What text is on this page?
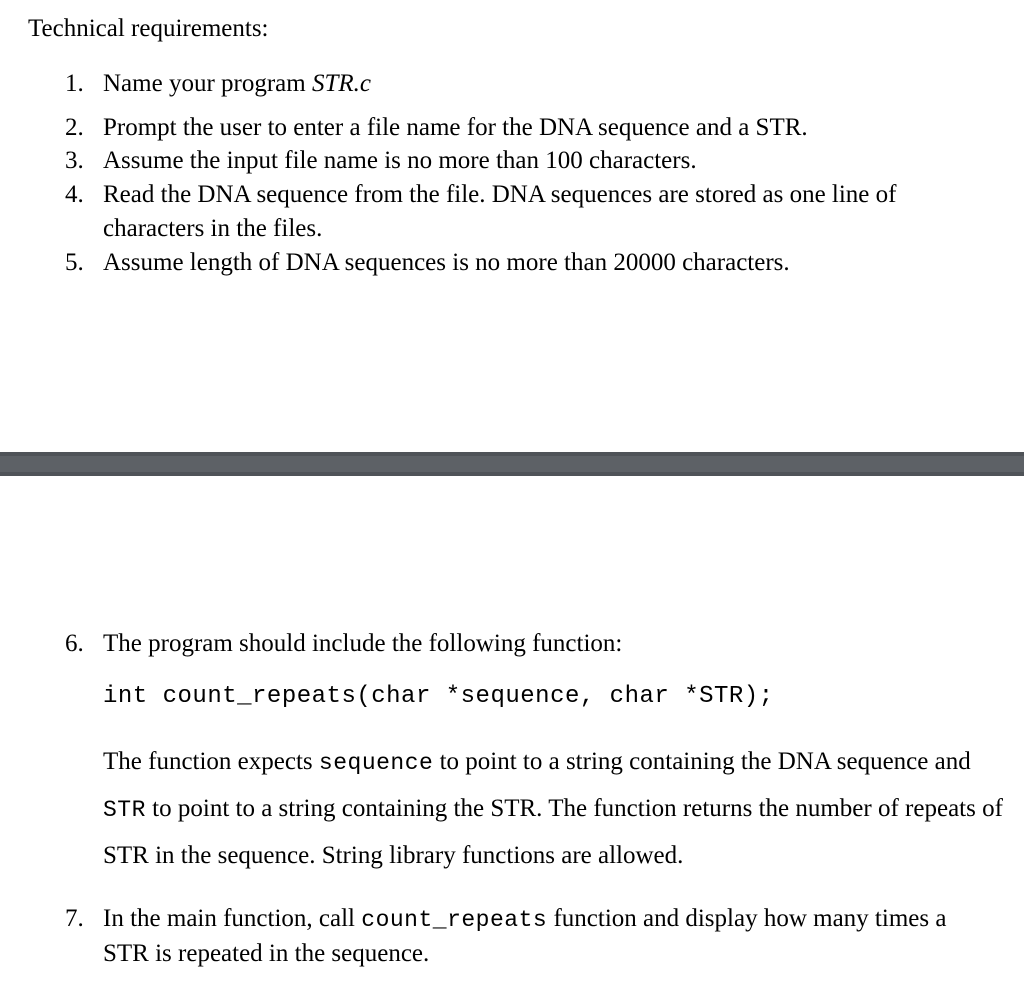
Technical requirements:
1. Name your program STR.c
2. Prompt the user to enter a file name for the DNA sequence and a STR.
3. Assume the input file name is no more than 100 characters.
4. Read the DNA sequence from the file. DNA sequences are stored as one line of characters in the files.
5. Assume length of DNA sequences is no more than 20000 characters.
6. The program should include the following function:
int count_repeats(char *sequence, char *STR);
The function expects sequence to point to a string containing the DNA sequence and STR to point to a string containing the STR. The function returns the number of repeats of STR in the sequence. String library functions are allowed.
7. In the main function, call count_repeats function and display how many times a STR is repeated in the sequence.
